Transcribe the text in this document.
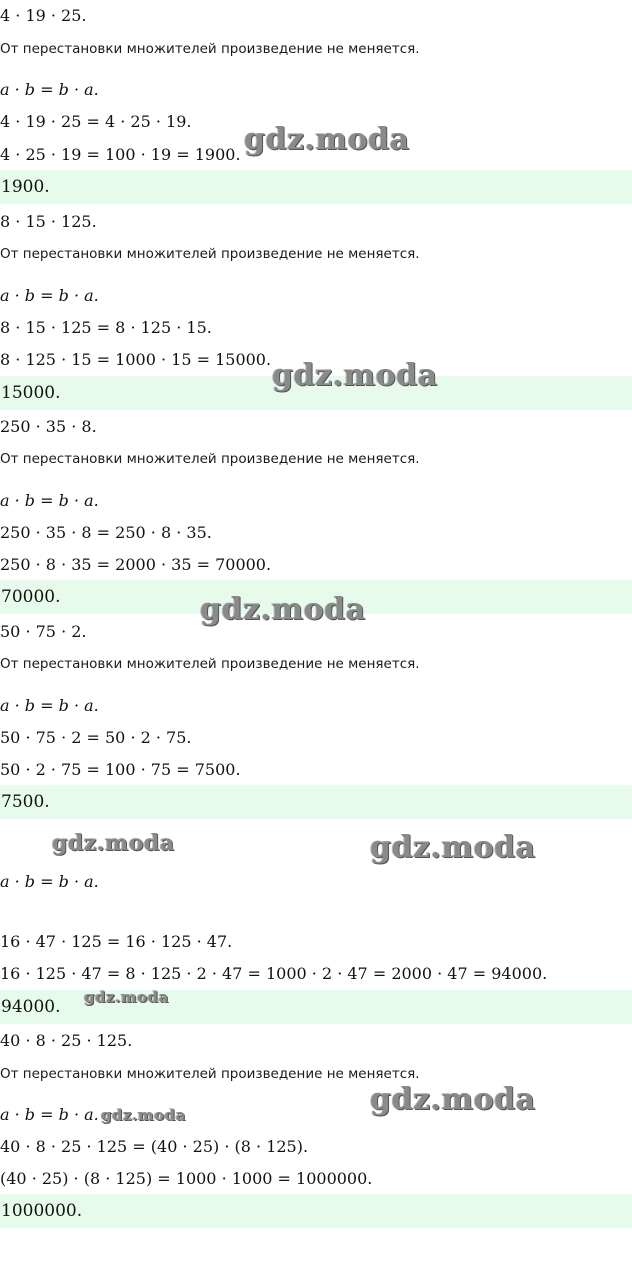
4 · 19 · 25.
От перестановки множителей произведение не меняется.
a · b = b · a.
4 · 19 · 25 = 4 · 25 · 19.
4 · 25 · 19 = 100 · 19 = 1900.
1900.
8 · 15 · 125.
От перестановки множителей произведение не меняется.
a · b = b · a.
8 · 15 · 125 = 8 · 125 · 15.
8 · 125 · 15 = 1000 · 15 = 15000.
15000.
250 · 35 · 8.
От перестановки множителей произведение не меняется.
a · b = b · a.
250 · 35 · 8 = 250 · 8 · 35.
250 · 8 · 35 = 2000 · 35 = 70000.
70000.
50 · 75 · 2.
От перестановки множителей произведение не меняется.
a · b = b · a.
50 · 75 · 2 = 50 · 2 · 75.
50 · 2 · 75 = 100 · 75 = 7500.
7500.

a · b = b · a.
16 · 47 · 125 = 16 · 125 · 47.
16 · 125 · 47 = 8 · 125 · 2 · 47 = 1000 · 2 · 47 = 2000 · 47 = 94000.
94000.
40 · 8 · 25 · 125.
От перестановки множителей произведение не меняется.
a · b = b · a.
40 · 8 · 25 · 125 = (40 · 25) · (8 · 125).
(40 · 25) · (8 · 125) = 1000 · 1000 = 1000000.
1000000.
gdz.moda
gdz.moda
gdz.moda
gdz.moda	gdz.moda
gdz.moda
gdz.moda
gdz.moda
